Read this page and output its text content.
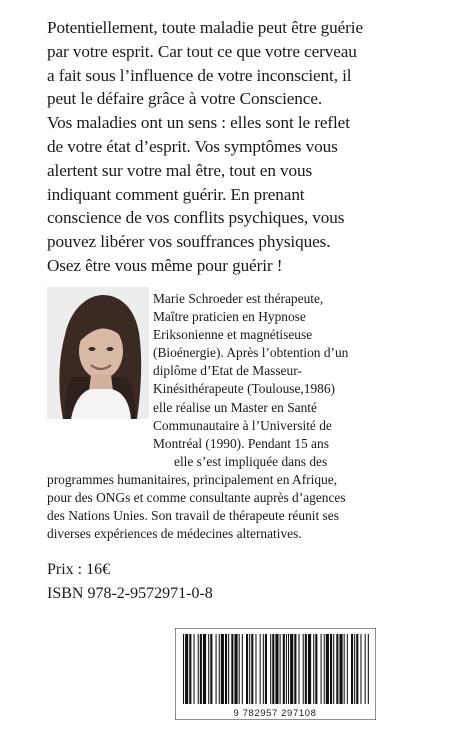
Potentiellement, toute maladie peut être guérie
par votre esprit. Car tout ce que votre cerveau
a fait sous l’influence de votre inconscient, il
peut le défaire grâce à votre Conscience.

Vos maladies ont un sens : elles sont le reflet
de votre état d’esprit. Vos symptômes vous
alertent sur votre mal être, tout en vous
indiquant comment guérir. En prenant
conscience de vos conflits psychiques, vous
pouvez libérer vos souffrances physiques.

Osez être vous même pour guérir !

Marie Schroeder est thérapeute,
Maître praticien en Hypnose
Eriksonienne et magnétiseuse
(Bioénergie). Après l’obtention d’un
diplôme d’Etat de Masseur-
Kinésithérapeute (Toulouse,1986)
elle réalise un Master en Santé
Communautaire à l’Université de
Montréal (1990). Pendant 15 ans
elle s’est impliquée dans des
programmes humanitaires, principalement en Afrique,
pour des ONGs et comme consultante auprès d’agences
des Nations Unies. Son travail de thérapeute réunit ses
diverses expériences de médecines alternatives.
Prix : 16€
ISBN 978-2-9572971-0-8
9 782957 297108
